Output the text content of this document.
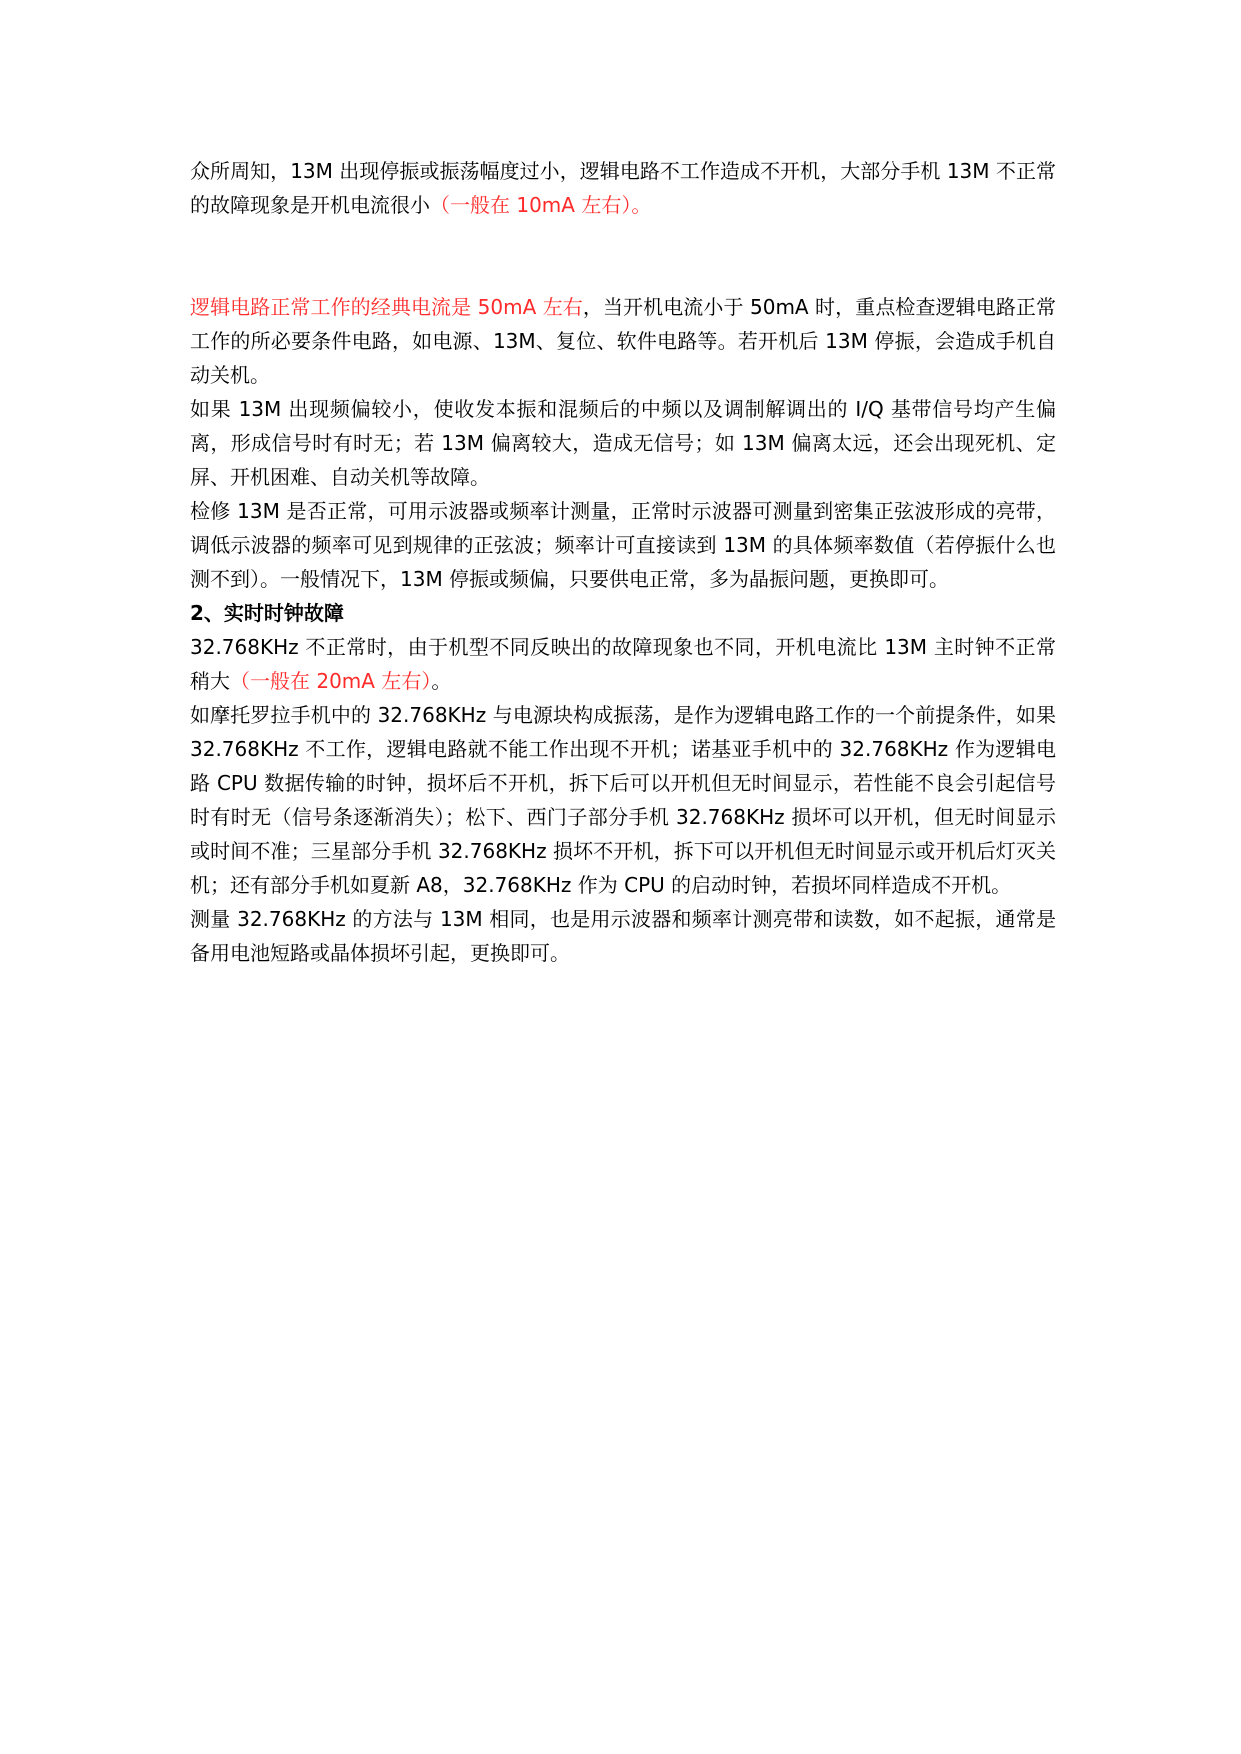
众所周知，13M 出现停振或振荡幅度过小，逻辑电路不工作造成不开机，大部分手机 13M 不正常的故障现象是开机电流很小（一般在 10mA 左右）。

逻辑电路正常工作的经典电流是 50mA 左右，当开机电流小于 50mA 时，重点检查逻辑电路正常工作的所必要条件电路，如电源、13M、复位、软件电路等。若开机后 13M 停振，会造成手机自动关机。

如果 13M 出现频偏较小，使收发本振和混频后的中频以及调制解调出的 I/Q 基带信号均产生偏离，形成信号时有时无；若 13M 偏离较大，造成无信号；如 13M 偏离太远，还会出现死机、定屏、开机困难、自动关机等故障。

检修 13M 是否正常，可用示波器或频率计测量，正常时示波器可测量到密集正弦波形成的亮带，调低示波器的频率可见到规律的正弦波；频率计可直接读到 13M 的具体频率数值（若停振什么也测不到）。一般情况下，13M 停振或频偏，只要供电正常，多为晶振问题，更换即可。

2、实时时钟故障

32.768KHz 不正常时，由于机型不同反映出的故障现象也不同，开机电流比 13M 主时钟不正常稍大（一般在 20mA 左右）。

如摩托罗拉手机中的 32.768KHz 与电源块构成振荡，是作为逻辑电路工作的一个前提条件，如果 32.768KHz 不工作，逻辑电路就不能工作出现不开机；诺基亚手机中的 32.768KHz 作为逻辑电路 CPU 数据传输的时钟，损坏后不开机，拆下后可以开机但无时间显示，若性能不良会引起信号时有时无（信号条逐渐消失）；松下、西门子部分手机 32.768KHz 损坏可以开机，但无时间显示或时间不准；三星部分手机 32.768KHz 损坏不开机，拆下可以开机但无时间显示或开机后灯灭关机；还有部分手机如夏新 A8，32.768KHz 作为 CPU 的启动时钟，若损坏同样造成不开机。

测量 32.768KHz 的方法与 13M 相同，也是用示波器和频率计测亮带和读数，如不起振，通常是备用电池短路或晶体损坏引起，更换即可。
